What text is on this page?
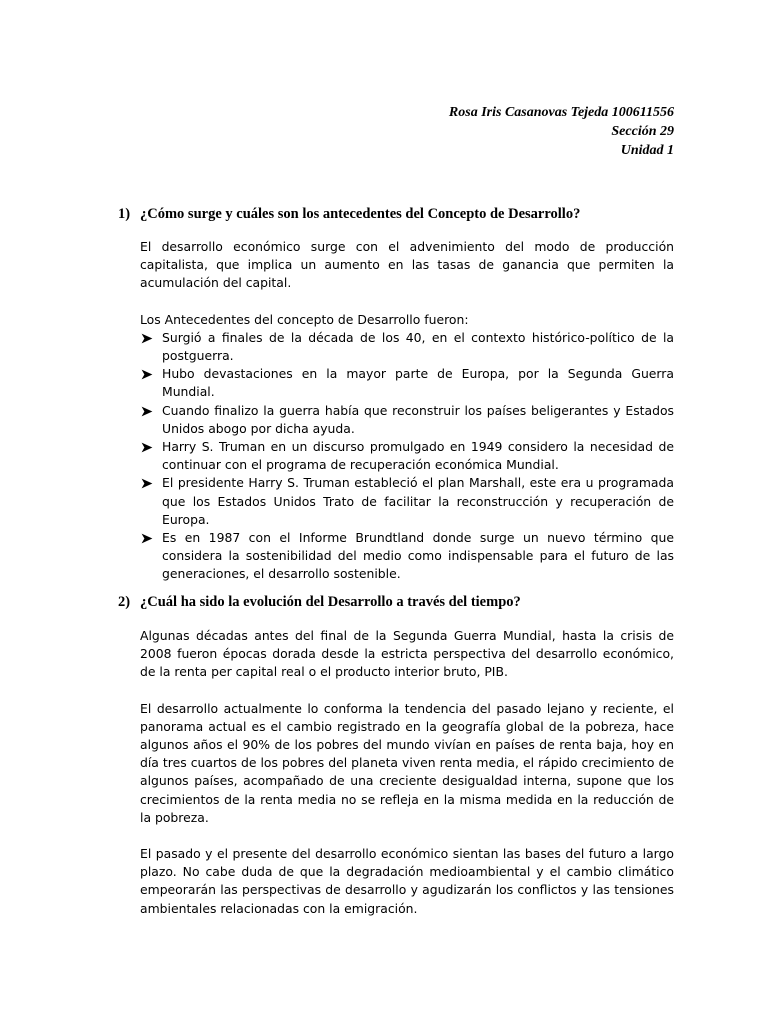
Rosa Iris Casanovas Tejeda 100611556
Sección 29
Unidad 1
1) ¿Cómo surge y cuáles son los antecedentes del Concepto de Desarrollo?

El desarrollo económico surge con el advenimiento del modo de producción capitalista, que implica un aumento en las tasas de ganancia que permiten la acumulación del capital.

Los Antecedentes del concepto de Desarrollo fueron:

Surgió a finales de la década de los 40, en el contexto histórico-político de la postguerra.
Hubo devastaciones en la mayor parte de Europa, por la Segunda Guerra Mundial.
Cuando finalizo la guerra había que reconstruir los países beligerantes y Estados Unidos abogo por dicha ayuda.
Harry S. Truman en un discurso promulgado en 1949 considero la necesidad de continuar con el programa de recuperación económica Mundial.
El presidente Harry S. Truman estableció el plan Marshall, este era u programada que los Estados Unidos Trato de facilitar la reconstrucción y recuperación de Europa.
Es en 1987 con el Informe Brundtland donde surge un nuevo término que considera la sostenibilidad del medio como indispensable para el futuro de las generaciones, el desarrollo sostenible.
2) ¿Cuál ha sido la evolución del Desarrollo a través del tiempo?

Algunas décadas antes del final de la Segunda Guerra Mundial, hasta la crisis de 2008 fueron épocas dorada desde la estricta perspectiva del desarrollo económico, de la renta per capital real o el producto interior bruto, PIB.

El desarrollo actualmente lo conforma la tendencia del pasado lejano y reciente, el panorama actual es el cambio registrado en la geografía global de la pobreza, hace algunos años el 90% de los pobres del mundo vivían en países de renta baja, hoy en día tres cuartos de los pobres del planeta viven renta media, el rápido crecimiento de algunos países, acompañado de una creciente desigualdad interna, supone que los crecimientos de la renta media no se refleja en la misma medida en la reducción de la pobreza.

El pasado y el presente del desarrollo económico sientan las bases del futuro a largo plazo. No cabe duda de que la degradación medioambiental y el cambio climático empeorarán las perspectivas de desarrollo y agudizarán los conflictos y las tensiones ambientales relacionadas con la emigración.
